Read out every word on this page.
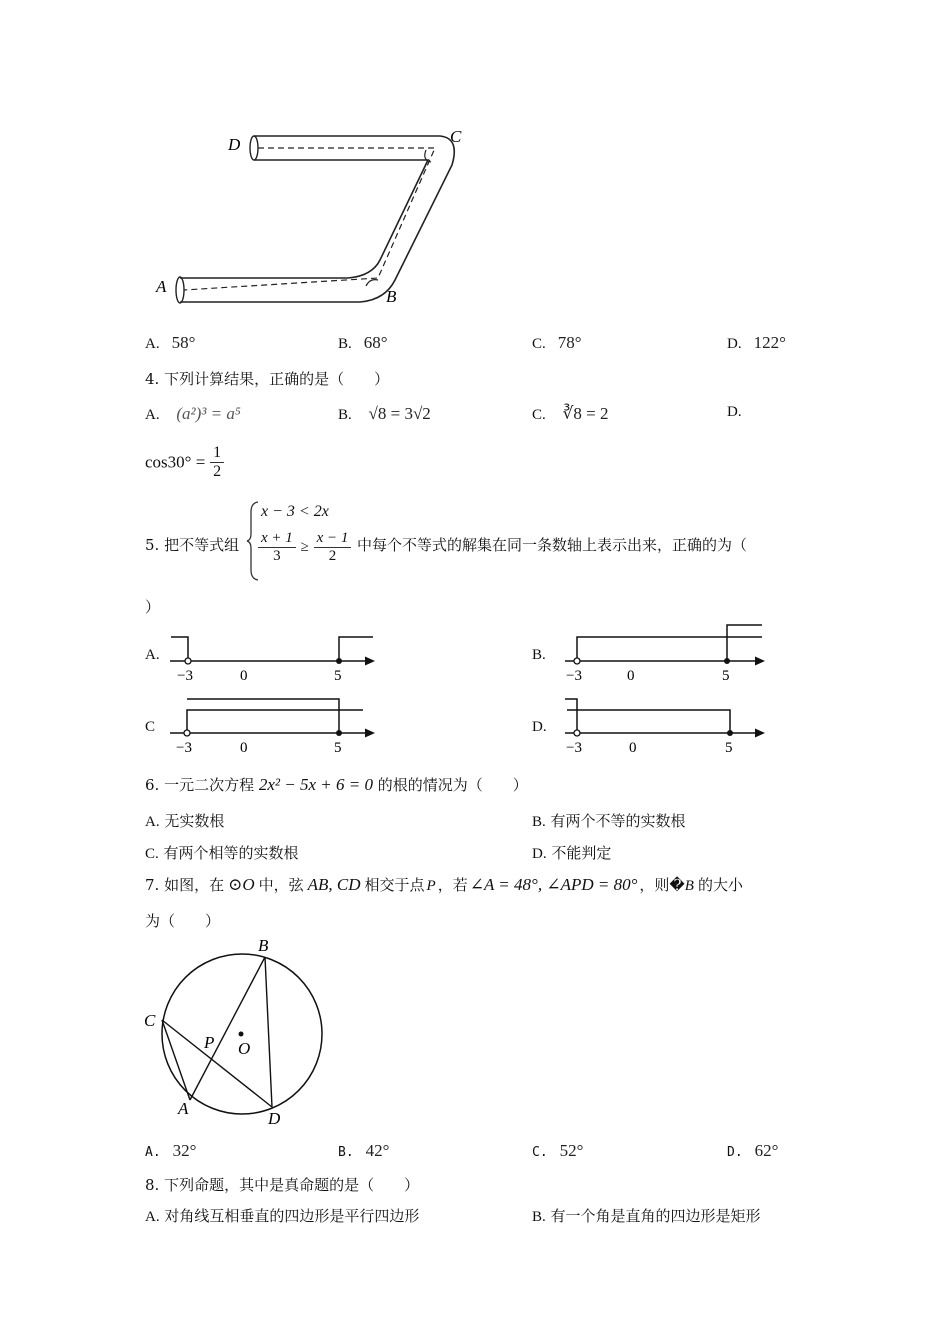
D	C
A
B
A. 58°	B. 68°	C. 78°	D. 122°
4. 下列计算结果，正确的是（　　）
A. (a²)³ = a⁵	B. √8 = 3√2	C. ∛8 = 2	D.
$\cos 30^\circ = \frac{1}{2}$
5. 把不等式组
x − 3 < 2x
$\frac{x + 1}{3} \ge \frac{x - 1}{2}$ 中每个不等式的解集在同一条数轴上表示出来，正确的为（
）
A.
−3	0	5
B.
−3	0	5
C
−3	0	5
D.
−3	0	5
6. 一元二次方程 2x² − 5x + 6 = 0 的根的情况为（　　）
A. 无实数根	B. 有两个不等的实数根
C. 有两个相等的实数根	D. 不能判定
7. 如图，在 ⊙O 中，弦 AB, CD 相交于点 P ，若 ∠A = 48°, ∠APD = 80° ，则�B 的大小
为（　　）
B
C
P O
A
D
A. 32°	B. 42°	C. 52°	D. 62°
8. 下列命题，其中是真命题的是（　　）
A. 对角线互相垂直的四边形是平行四边形	B. 有一个角是直角的四边形是矩形
